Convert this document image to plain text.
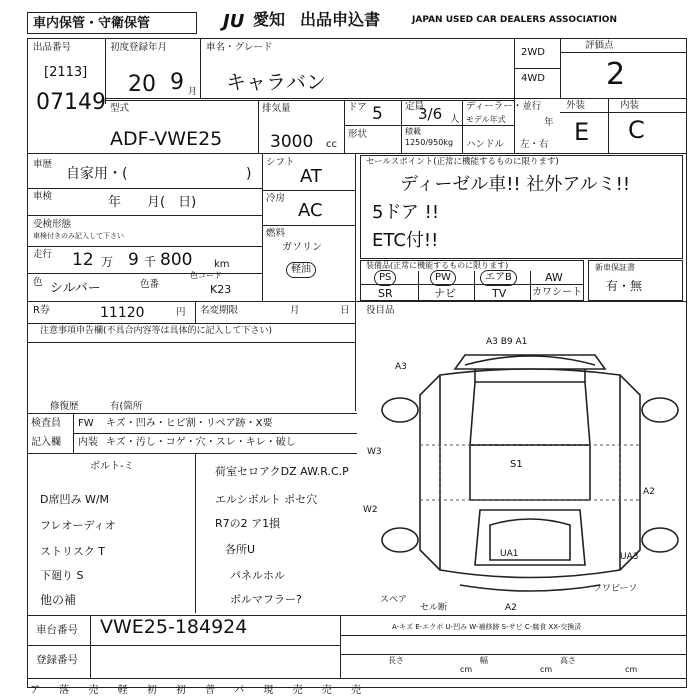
車内保管・守衛保管	JU 愛知 出品申込書	JAPAN USED CAR DEALERS ASSOCIATION
出品番号
[2113]
07149
初度登録年月
20 9 月
車名・グレード
キャラバン
2WD
4WD
評価点
2
型式
ADF-VWE25
排気量
3000 cc
ドア 5 定員
3/6 人
形状	積載
1250/950kg
ディーラー・並行
モデル年式	年
ハンドル 左・右
外装	内装
E C
車歴
自家用・(	)
車検	年　　月(　日)
受検形態
車検付きのみ記入して下さい
走行 12 万 9 千 800 km
色 シルバー	色番
色コード
K23
シフト
AT
冷房
AC
燃料
ガソリン
軽油
セールスポイント(正常に機能するものに限ります)
ディーゼル車!! 社外アルミ!!
5ドア !!
ETC付!!
装備品(正常に機能するものに限ります)
PS	PW	エアB	AW
SR	ナビ	TV	カワシート
新車保証書
有・無
R券	11120	円 名変期限	月	日 役目品
注意事項申告欄(不具合内容等は具体的に記入して下さい)
修復歴	有(箇所
検査員
記入欄
FW キズ・凹み・ヒビ割・リペア跡・X要
内装 キズ・汚し・コゲ・穴・スレ・キレ・破し
ボルト-ミ	荷室セロアクDZ AW.R.C.P
D席凹み W/M	エルシボルト ポセ穴
フレオーディオ	R7の2 ア1損
ストリスク T	各所U
下廻り S	パネルホル
他の補	ボルマフラー?
A3 B9 A1
A3
W3
W2
S1
A2
UA1	UA3
フワビーソ
A2
スペア
セル断
車台番号 VWE25-184924
登録番号
A-キズ E-エクボ U-凹み W-補修跡 S-サビ C-腐食 XX-交換済
長さ	幅	高さ
cm	cm	cm
ア 落 売 軽 初 初 普 パ 現 売 売 売
